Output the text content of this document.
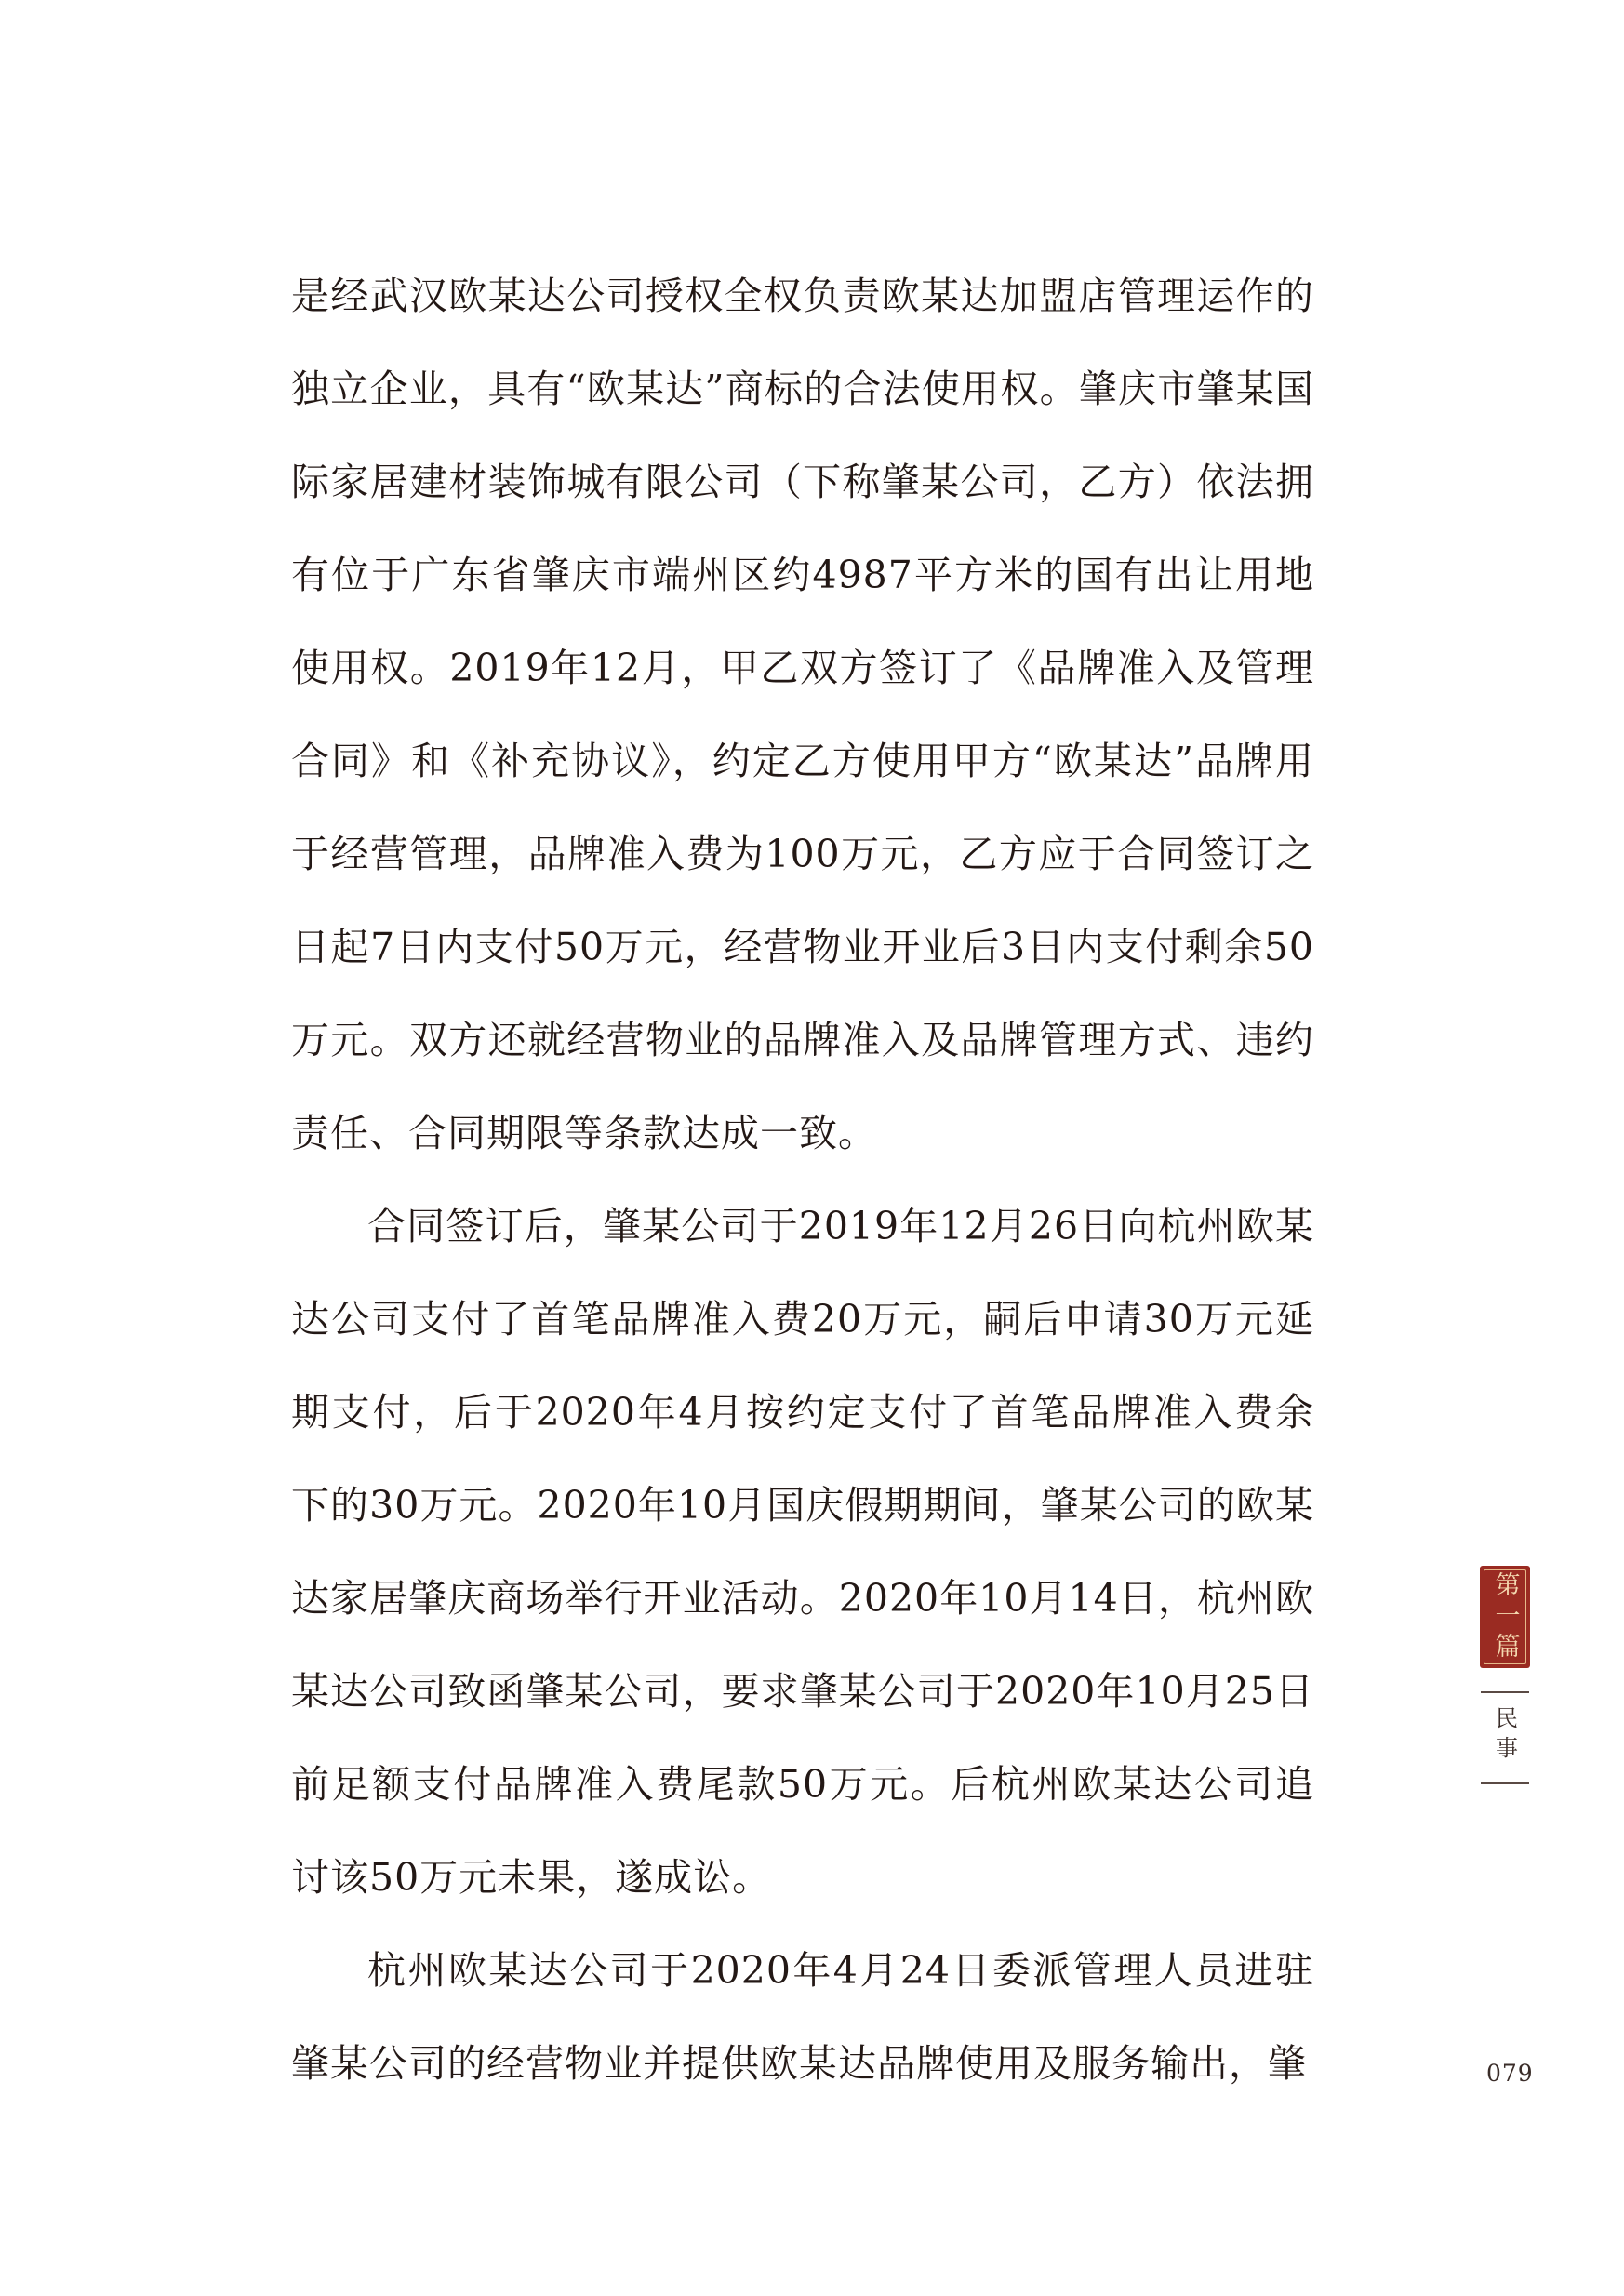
是经武汉欧某达公司授权全权负责欧某达加盟店管理运作的独立企业，具有“欧某达”商标的合法使用权。肇庆市肇某国际家居建材装饰城有限公司（下称肇某公司，乙方）依法拥有位于广东省肇庆市端州区约4987平方米的国有出让用地使用权。2019年12月，甲乙双方签订了《品牌准入及管理合同》和《补充协议》，约定乙方使用甲方“欧某达”品牌用于经营管理，品牌准入费为100万元，乙方应于合同签订之日起7日内支付50万元，经营物业开业后3日内支付剩余50万元。双方还就经营物业的品牌准入及品牌管理方式、违约责任、合同期限等条款达成一致。

合同签订后，肇某公司于2019年12月26日向杭州欧某达公司支付了首笔品牌准入费20万元，嗣后申请30万元延期支付，后于2020年4月按约定支付了首笔品牌准入费余下的30万元。2020年10月国庆假期期间，肇某公司的欧某达家居肇庆商场举行开业活动。2020年10月14日，杭州欧某达公司致函肇某公司，要求肇某公司于2020年10月25日前足额支付品牌准入费尾款50万元。后杭州欧某达公司追讨该50万元未果，遂成讼。

杭州欧某达公司于2020年4月24日委派管理人员进驻肇某公司的经营物业并提供欧某达品牌使用及服务输出，肇

第一篇
民事
079
